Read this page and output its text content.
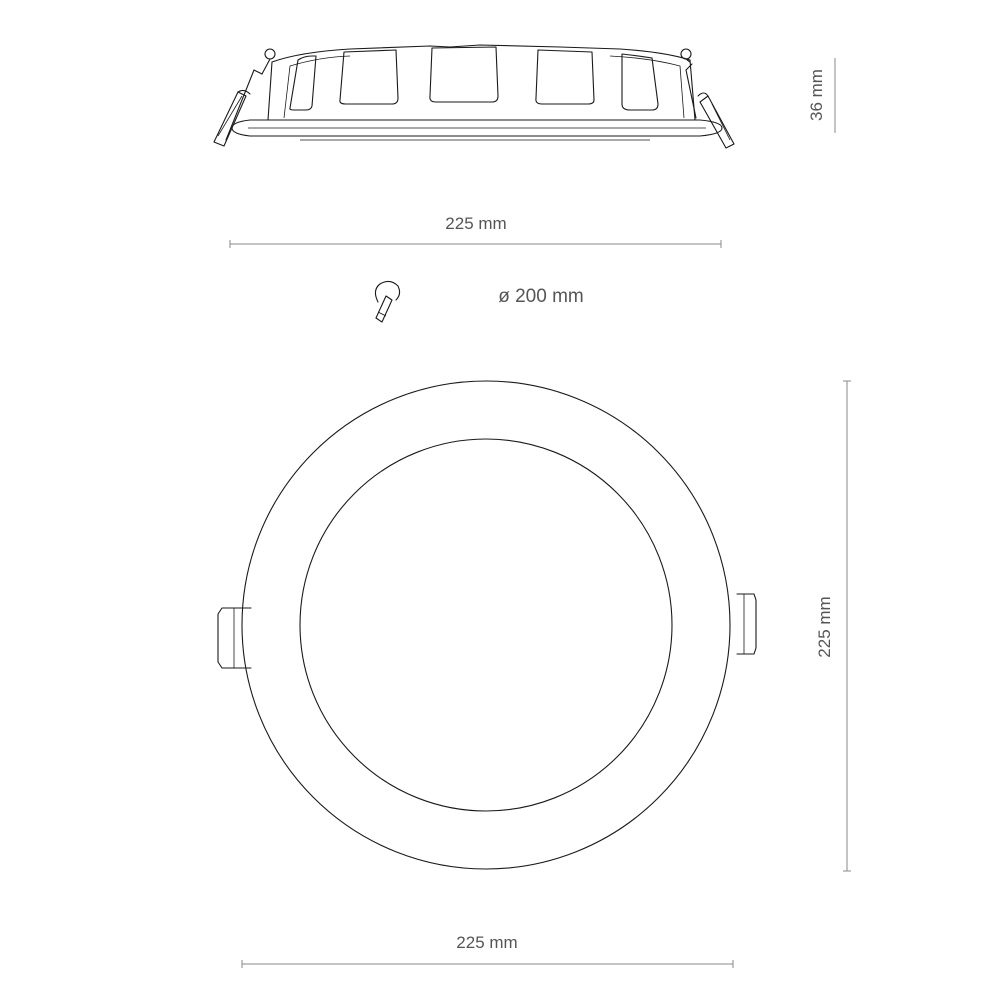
36 mm
225 mm
ø 200 mm
225 mm
225 mm
